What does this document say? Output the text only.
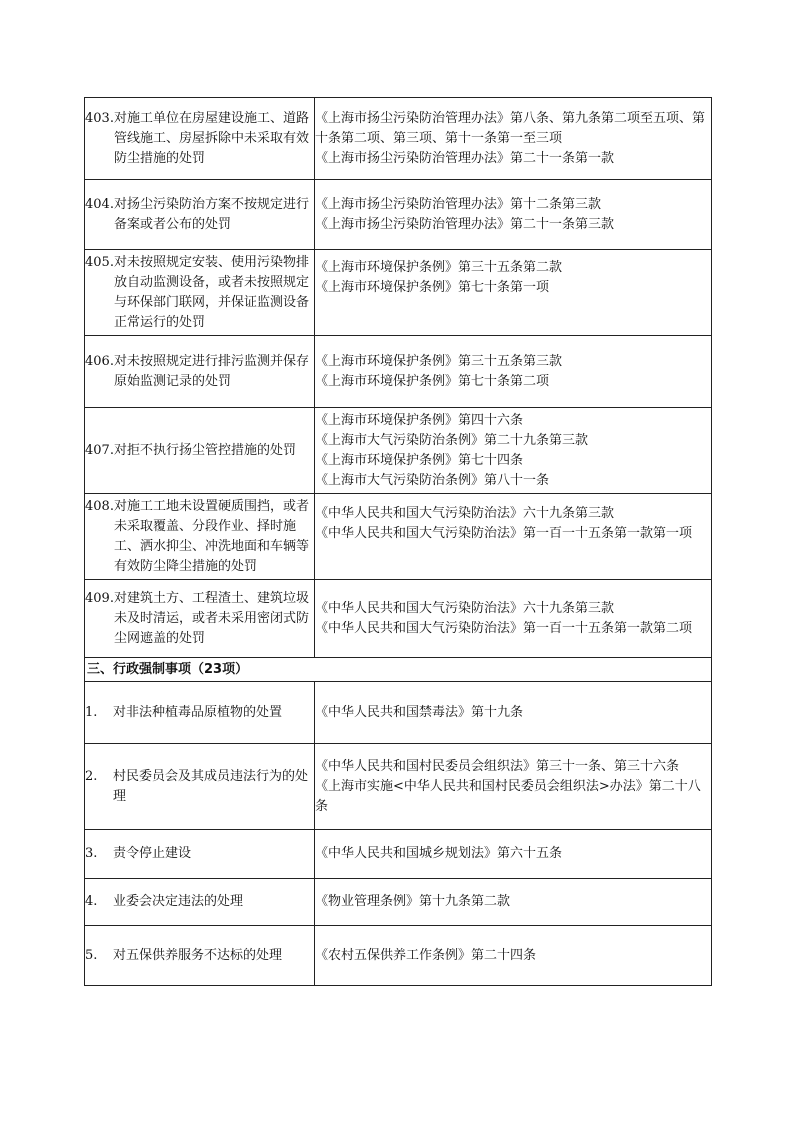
403. 对施工单位在房屋建设施工、道路管线施工、房屋拆除中未采取有效防尘措施的处罚	《上海市扬尘污染防治管理办法》第八条、第九条第二项至五项、第十条第二项、第三项、第十一条第一至三项
《上海市扬尘污染防治管理办法》第二十一条第一款

404. 对扬尘污染防治方案不按规定进行备案或者公布的处罚	《上海市扬尘污染防治管理办法》第十二条第三款
《上海市扬尘污染防治管理办法》第二十一条第三款

405. 对未按照规定安装、使用污染物排放自动监测设备，或者未按照规定与环保部门联网，并保证监测设备正常运行的处罚	《上海市环境保护条例》第三十五条第二款
《上海市环境保护条例》第七十条第一项

406. 对未按照规定进行排污监测并保存原始监测记录的处罚	《上海市环境保护条例》第三十五条第三款
《上海市环境保护条例》第七十条第二项

407. 对拒不执行扬尘管控措施的处罚	《上海市环境保护条例》第四十六条
《上海市大气污染防治条例》第二十九条第三款
《上海市环境保护条例》第七十四条
《上海市大气污染防治条例》第八十一条

408. 对施工工地未设置硬质围挡，或者未采取覆盖、分段作业、择时施工、洒水抑尘、冲洗地面和车辆等有效防尘降尘措施的处罚	《中华人民共和国大气污染防治法》六十九条第三款
《中华人民共和国大气污染防治法》第一百一十五条第一款第一项

409. 对建筑土方、工程渣土、建筑垃圾未及时清运，或者未采用密闭式防尘网遮盖的处罚	《中华人民共和国大气污染防治法》六十九条第三款
《中华人民共和国大气污染防治法》第一百一十五条第一款第二项

三、行政强制事项（23项）	

1. 对非法种植毒品原植物的处置	《中华人民共和国禁毒法》第十九条

2. 村民委员会及其成员违法行为的处理	《中华人民共和国村民委员会组织法》第三十一条、第三十六条
《上海市实施<中华人民共和国村民委员会组织法>办法》第二十八条

3. 责令停止建设	《中华人民共和国城乡规划法》第六十五条

4. 业委会决定违法的处理	《物业管理条例》第十九条第二款

5. 对五保供养服务不达标的处理	《农村五保供养工作条例》第二十四条
